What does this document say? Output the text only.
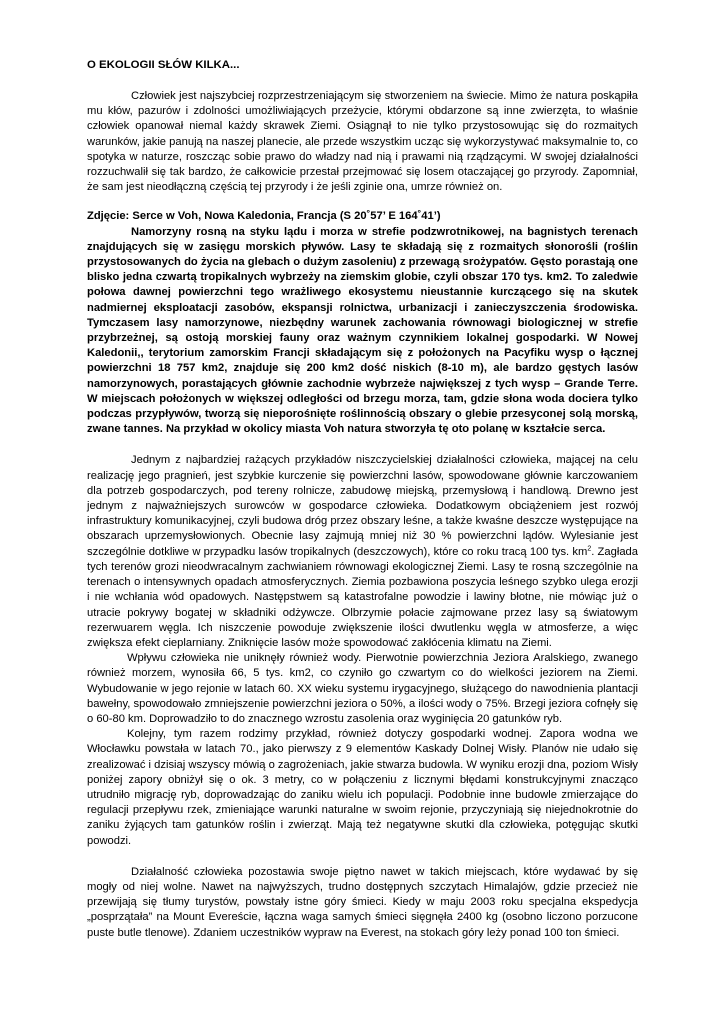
O EKOLOGII SŁÓW KILKA...

Człowiek jest najszybciej rozprzestrzeniającym się stworzeniem na świecie. Mimo że natura poskąpiła mu kłów, pazurów i zdolności umożliwiających przeżycie, którymi obdarzone są inne zwierzęta, to właśnie człowiek opanował niemal każdy skrawek Ziemi. Osiągnął to nie tylko przystosowując się do rozmaitych warunków, jakie panują na naszej planecie, ale przede wszystkim ucząc się wykorzystywać maksymalnie to, co spotyka w naturze, roszcząc sobie prawo do władzy nad nią i prawami nią rządzącymi. W swojej działalności rozzuchwalił się tak bardzo, że całkowicie przestał przejmować się losem otaczającej go przyrody. Zapomniał, że sam jest nieodłączną częścią tej przyrody i że jeśli zginie ona, umrze również on.

Zdjęcie: Serce w Voh, Nowa Kaledonia, Francja (S 20˚57’ E 164˚41’)

Namorzyny rosną na styku lądu i morza w strefie podzwrotnikowej, na bagnistych terenach znajdujących się w zasięgu morskich pływów. Lasy te składają się z rozmaitych słonorośli (roślin przystosowanych do życia na glebach o dużym zasoleniu) z przewagą srożypatów. Gęsto porastają one blisko jedna czwartą tropikalnych wybrzeży na ziemskim globie, czyli obszar 170 tys. km2. To zaledwie połowa dawnej powierzchni tego wrażliwego ekosystemu nieustannie kurczącego się na skutek nadmiernej eksploatacji zasobów, ekspansji rolnictwa, urbanizacji i zanieczyszczenia środowiska. Tymczasem lasy namorzynowe, niezbędny warunek zachowania równowagi biologicznej w strefie przybrzeżnej, są ostoją morskiej fauny oraz ważnym czynnikiem lokalnej gospodarki. W Nowej Kaledonii,, terytorium zamorskim Francji składającym się z położonych na Pacyfiku wysp o łącznej powierzchni 18 757 km2, znajduje się 200 km2 dość niskich (8-10 m), ale bardzo gęstych lasów namorzynowych, porastających głównie zachodnie wybrzeże największej z tych wysp – Grande Terre. W miejscach położonych w większej odległości od brzegu morza, tam, gdzie słona woda dociera tylko podczas przypływów, tworzą się nieporośnięte roślinnością obszary o glebie przesyconej solą morską, zwane tannes. Na przykład w okolicy miasta Voh natura stworzyła tę oto polanę w kształcie serca.

Jednym z najbardziej rażących przykładów niszczycielskiej działalności człowieka, mającej na celu realizację jego pragnień, jest szybkie kurczenie się powierzchni lasów, spowodowane głównie karczowaniem dla potrzeb gospodarczych, pod tereny rolnicze, zabudowę miejską, przemysłową i handlową. Drewno jest jednym z najważniejszych surowców w gospodarce człowieka. Dodatkowym obciążeniem jest rozwój infrastruktury komunikacyjnej, czyli budowa dróg przez obszary leśne, a także kwaśne deszcze występujące na obszarach uprzemysłowionych. Obecnie lasy zajmują mniej niż 30 % powierzchni lądów. Wylesianie jest szczególnie dotkliwe w przypadku lasów tropikalnych (deszczowych), które co roku tracą 100 tys. $km^2$. Zagłada tych terenów grozi nieodwracalnym zachwianiem równowagi ekologicznej Ziemi. Lasy te rosną szczególnie na terenach o intensywnych opadach atmosferycznych. Ziemia pozbawiona poszycia leśnego szybko ulega erozji i nie wchłania wód opadowych. Następstwem są katastrofalne powodzie i lawiny błotne, nie mówiąc już o utracie pokrywy bogatej w składniki odżywcze. Olbrzymie połacie zajmowane przez lasy są światowym rezerwuarem węgla. Ich niszczenie powoduje zwiększenie ilości dwutlenku węgla w atmosferze, a więc zwiększa efekt cieplarniany. Zniknięcie lasów może spowodować zakłócenia klimatu na Ziemi.

Wpływu człowieka nie uniknęły również wody. Pierwotnie powierzchnia Jeziora Aralskiego, zwanego również morzem, wynosiła 66, 5 tys. km2, co czyniło go czwartym co do wielkości jeziorem na Ziemi. Wybudowanie w jego rejonie w latach 60. XX wieku systemu irygacyjnego, służącego do nawodnienia plantacji bawełny, spowodowało zmniejszenie powierzchni jeziora o 50%, a ilości wody o 75%. Brzegi jeziora cofnęły się o 60-80 km. Doprowadziło to do znacznego wzrostu zasolenia oraz wyginięcia 20 gatunków ryb.

Kolejny, tym razem rodzimy przykład, również dotyczy gospodarki wodnej. Zapora wodna we Włocławku powstała w latach 70., jako pierwszy z 9 elementów Kaskady Dolnej Wisły. Planów nie udało się zrealizować i dzisiaj wszyscy mówią o zagrożeniach, jakie stwarza budowla. W wyniku erozji dna, poziom Wisły poniżej zapory obniżył się o ok. 3 metry, co w połączeniu z licznymi błędami konstrukcyjnymi znacząco utrudniło migrację ryb, doprowadzając do zaniku wielu ich populacji. Podobnie inne budowle zmierzające do regulacji przepływu rzek, zmieniające warunki naturalne w swoim rejonie, przyczyniają się niejednokrotnie do zaniku żyjących tam gatunków roślin i zwierząt. Mają też negatywne skutki dla człowieka, potęgując skutki powodzi.

Działalność człowieka pozostawia swoje piętno nawet w takich miejscach, które wydawać by się mogły od niej wolne. Nawet na najwyższych, trudno dostępnych szczytach Himalajów, gdzie przecież nie przewijają się tłumy turystów, powstały istne góry śmieci. Kiedy w maju 2003 roku specjalna ekspedycja „posprzątała” na Mount Evereście, łączna waga samych śmieci sięgnęła 2400 kg (osobno liczono porzucone puste butle tlenowe). Zdaniem uczestników wypraw na Everest, na stokach góry leży ponad 100 ton śmieci.
